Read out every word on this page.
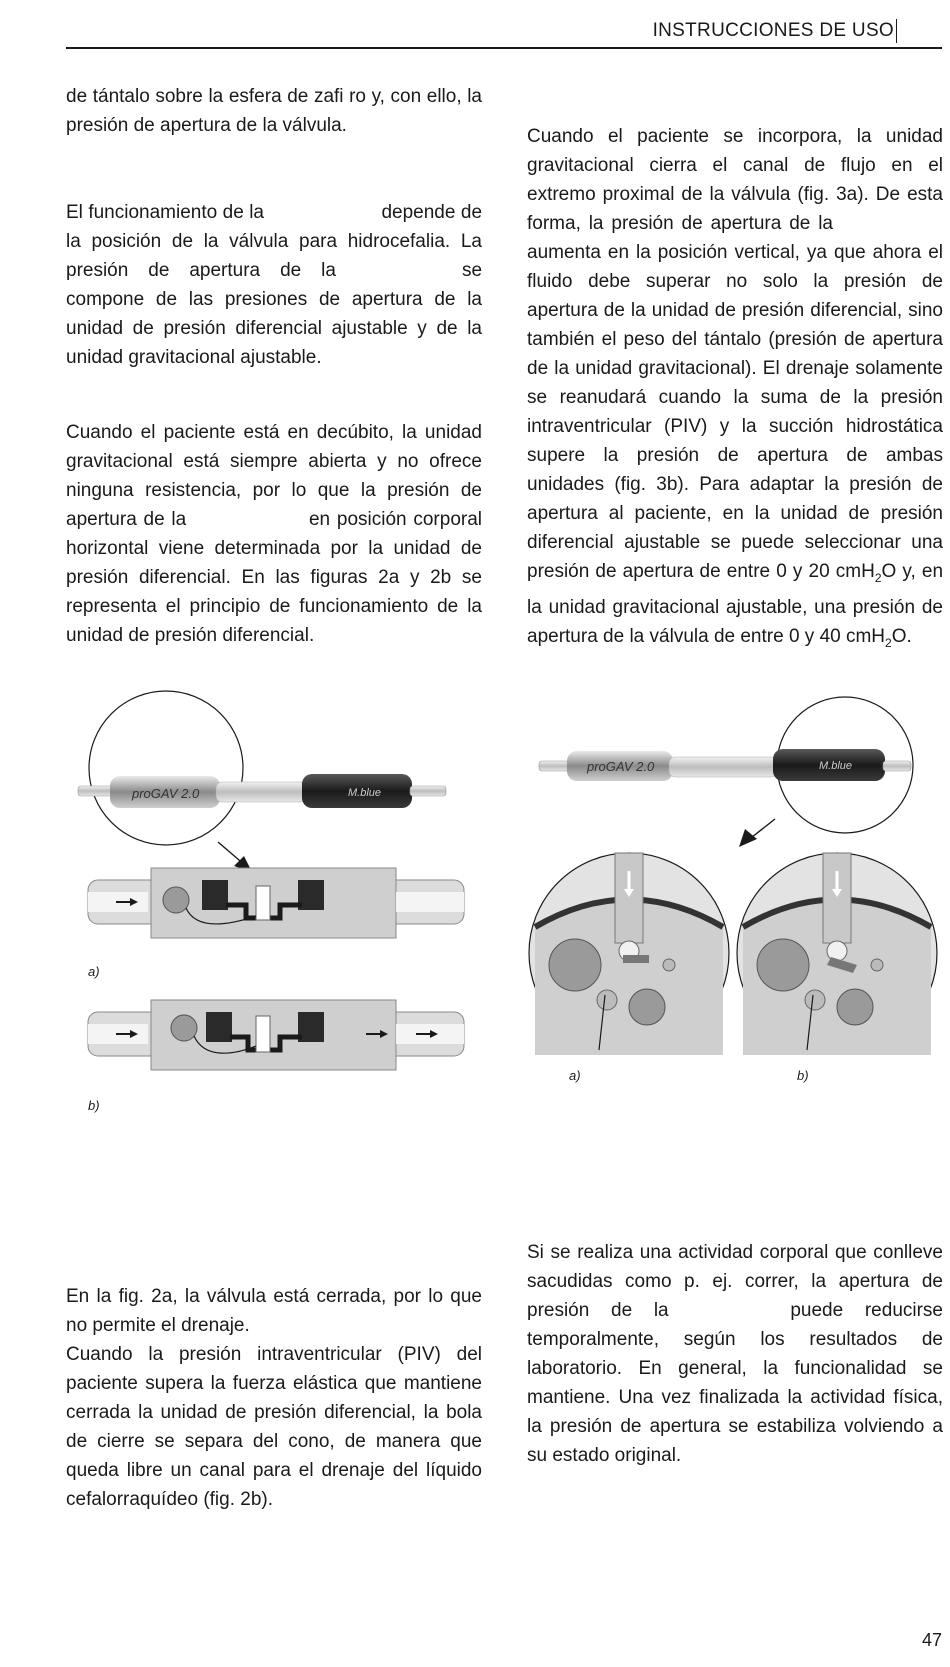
INSTRUCCIONES DE USO

de tántalo sobre la esfera de zafi ro y, con ello, la presión de apertura de la válvula.

El funcionamiento de la	depende de la posición de la válvula para hidrocefalia. La presión de apertura de la	se compone de las presiones de apertura de la unidad de presión diferencial ajustable y de la unidad gravitacional ajustable.

Cuando el paciente está en decúbito, la unidad gravitacional está siempre abierta y no ofrece ninguna resistencia, por lo que la presión de apertura de la	en posición corporal horizontal viene determinada por la unidad de presión diferencial. En las figuras 2a y 2b se representa el principio de funcionamiento de la unidad de presión diferencial.

Cuando el paciente se incorpora, la unidad gravitacional cierra el canal de flujo en el extremo proximal de la válvula (fig. 3a). De esta forma, la presión de apertura de la aumenta en la posición vertical, ya que ahora el fluido debe superar no solo la presión de apertura de la unidad de presión diferencial, sino también el peso del tántalo (presión de apertura de la unidad gravitacional). El drenaje solamente se reanudará cuando la suma de la presión intraventricular (PIV) y la succión hidrostática supere la presión de apertura de ambas unidades (fig. 3b). Para adaptar la presión de apertura al paciente, en la unidad de presión diferencial ajustable se puede seleccionar una presión de apertura de entre 0 y 20 cmH$_2$O y, en la unidad gravitacional ajustable, una presión de apertura de la válvula de entre 0 y 40 cmH$_2$O.

proGAV 2.0	M.blue
a)
b)
proGAV 2.0	M.blue
a)	b)

En la fig. 2a, la válvula está cerrada, por lo que no permite el drenaje.

Cuando la presión intraventricular (PIV) del paciente supera la fuerza elástica que mantiene cerrada la unidad de presión diferencial, la bola de cierre se separa del cono, de manera que queda libre un canal para el drenaje del líquido cefalorraquídeo (fig. 2b).

Si se realiza una actividad corporal que conlleve sacudidas como p. ej. correr, la apertura de presión de la	puede reducirse temporalmente, según los resultados de laboratorio. En general, la funcionalidad se mantiene. Una vez finalizada la actividad física, la presión de apertura se estabiliza volviendo a su estado original.

47
